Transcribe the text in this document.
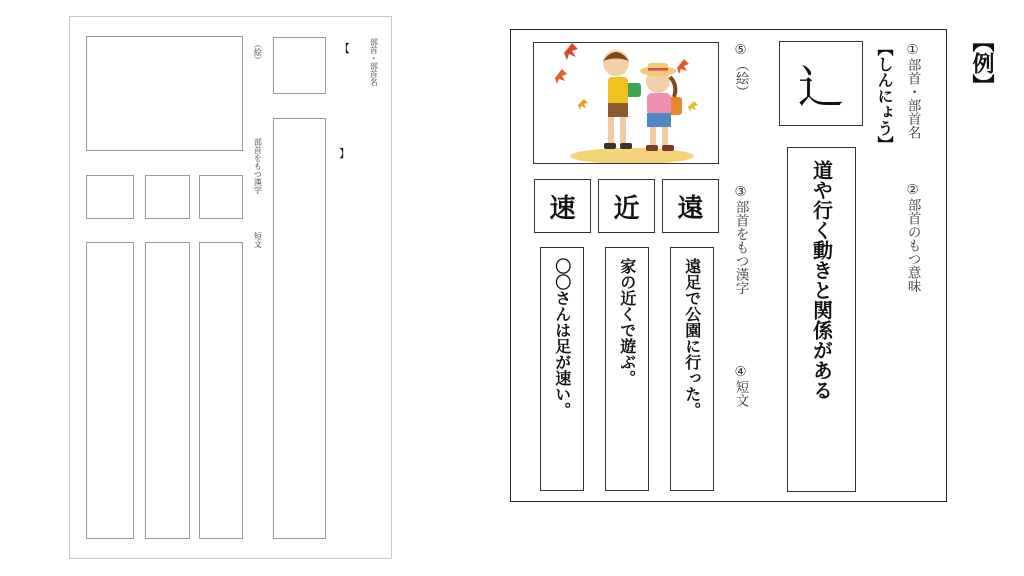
部首・部首名
【
】
（絵）
部首をもつ漢字
短文
【例】
①部首・部首名
②部首のもつ意味
③部首をもつ漢字
④短文
⑤（絵）	【しんにょう】
辶
道や行く動きと関係がある
遠
近
速
遠足で公園に行った。
家の近くで遊ぶ。
〇〇さんは足が速い。
